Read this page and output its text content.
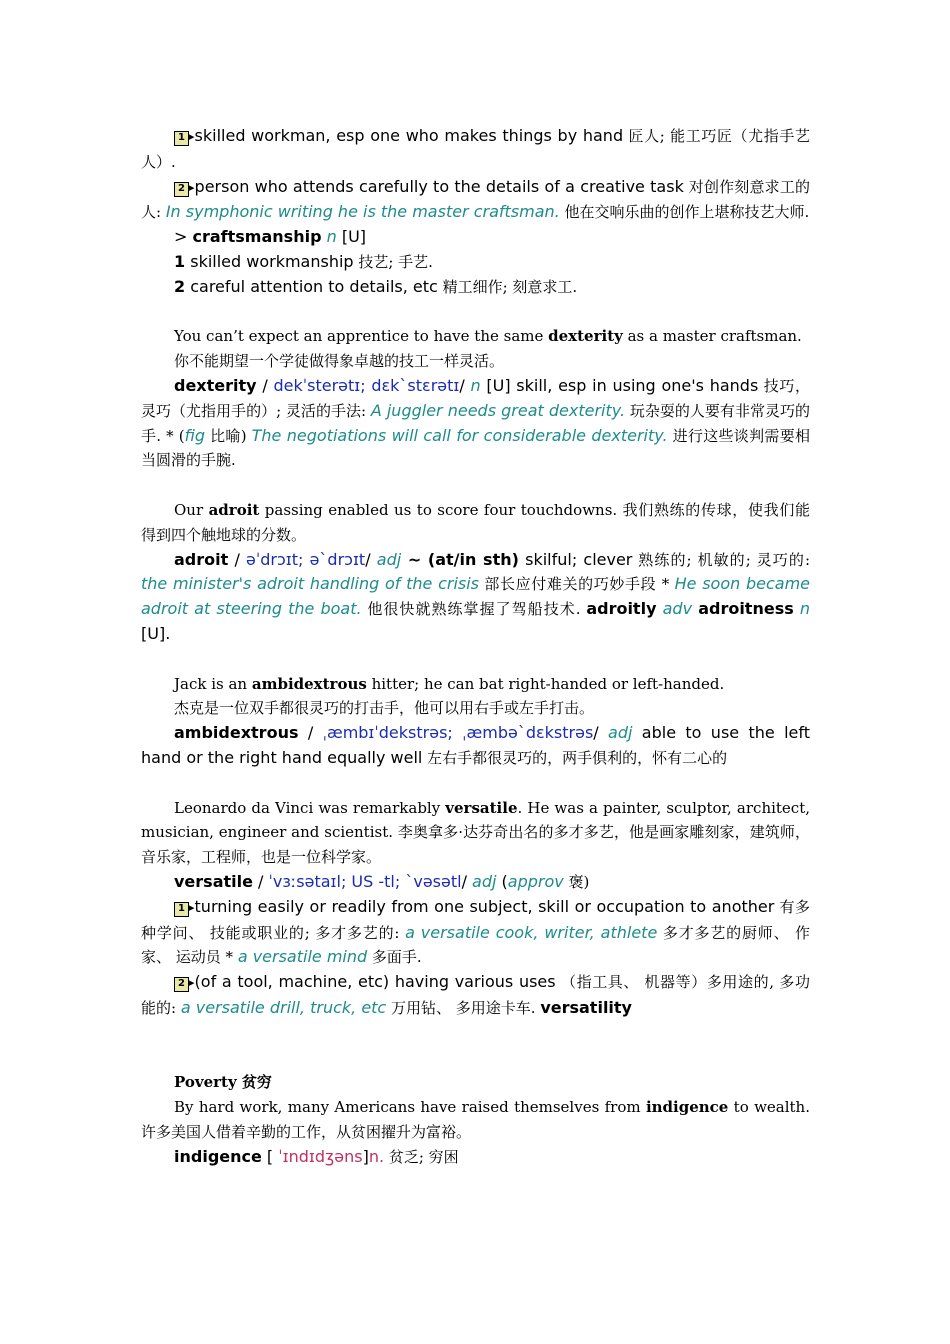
1 ▸skilled workman, esp one who makes things by hand 匠人; 能工巧匠（尤指手艺人）.

2 ▸person who attends carefully to the details of a creative task 对创作刻意求工的人: In symphonic writing he is the master craftsman. 他在交响乐曲的创作上堪称技艺大师.

> craftsmanship n [U]

1 skilled workmanship 技艺; 手艺.

2 careful attention to details, etc 精工细作; 刻意求工.

You can’t expect an apprentice to have the same dexterity as a master craftsman.

你不能期望一个学徒做得象卓越的技工一样灵活。

dexterity / dekˈsterətɪ; dɛk`stɛrətɪ/ n [U] skill, esp in using one's hands 技巧，灵巧（尤指用手的）; 灵活的手法: A juggler needs great dexterity. 玩杂耍的人要有非常灵巧的手. * (fig 比喻) The negotiations will call for considerable dexterity. 进行这些谈判需要相当圆滑的手腕.

Our adroit passing enabled us to score four touchdowns. 我们熟练的传球，使我们能得到四个触地球的分数。

adroit / əˈdrɔɪt; ə`drɔɪt/ adj ~ (at/in sth) skilful; clever 熟练的; 机敏的; 灵巧的: the minister's adroit handling of the crisis 部长应付难关的巧妙手段 * He soon became adroit at steering the boat. 他很快就熟练掌握了驾船技术. adroitly adv adroitness n [U].

Jack is an ambidextrous hitter; he can bat right-handed or left-handed.

杰克是一位双手都很灵巧的打击手，他可以用右手或左手打击。

ambidextrous / ˌæmbɪˈdekstrəs; ˌæmbə`dɛkstrəs/ adj able to use the left hand or the right hand equally well 左右手都很灵巧的，两手俱利的，怀有二心的

Leonardo da Vinci was remarkably versatile. He was a painter, sculptor, architect, musician, engineer and scientist. 李奥拿多·达芬奇出名的多才多艺，他是画家雕刻家，建筑师，音乐家，工程师，也是一位科学家。

versatile / ˈvɜːsətaɪl; US -tl; `vəsətl/ adj (approv 褒)

1 ▸turning easily or readily from one subject, skill or occupation to another 有多种学问、 技能或职业的; 多才多艺的: a versatile cook, writer, athlete 多才多艺的厨师、 作家、 运动员 * a versatile mind 多面手.

2 ▸(of a tool, machine, etc) having various uses （指工具、 机器等）多用途的, 多功能的: a versatile drill, truck, etc 万用钻、 多用途卡车. versatility

Poverty 贫穷

By hard work, many Americans have raised themselves from indigence to wealth. 许多美国人借着辛勤的工作，从贫困擢升为富裕。

indigence [ ˈɪndɪdʒəns]n. 贫乏; 穷困
